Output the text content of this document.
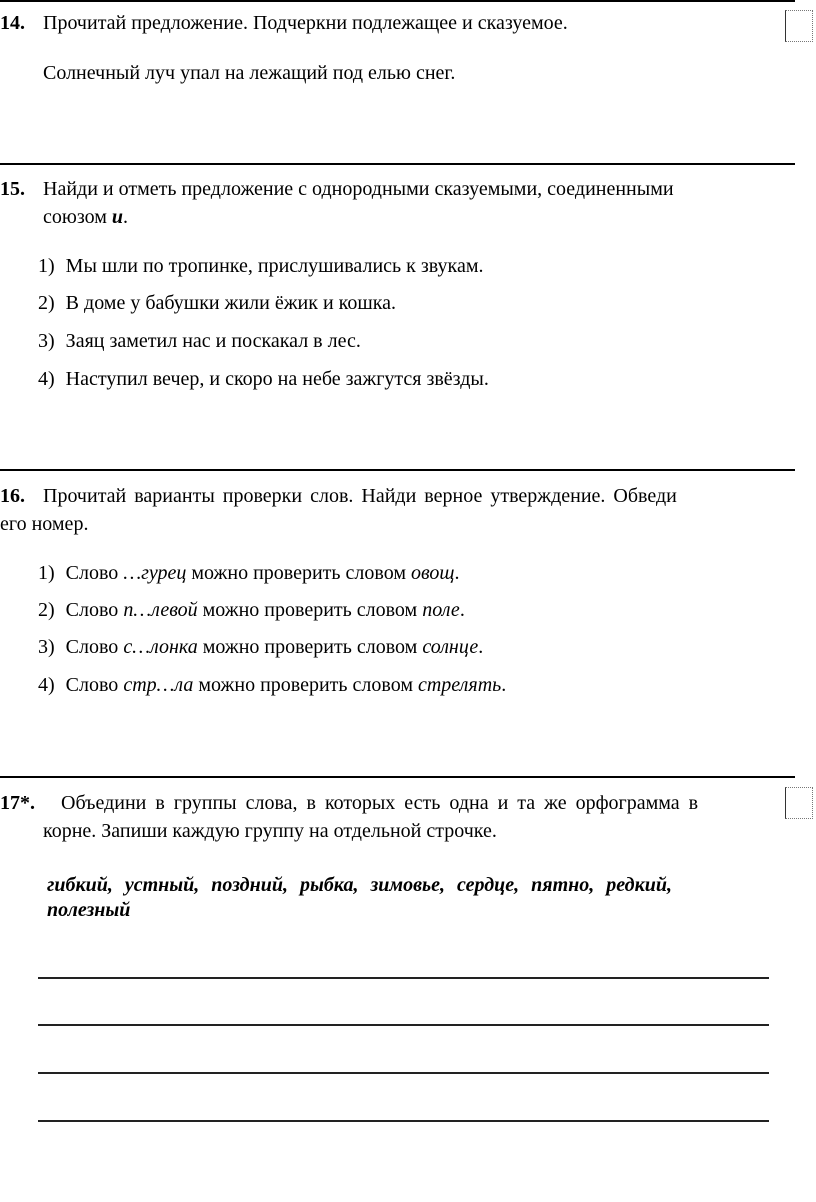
14. Прочитай предложение. Подчеркни подлежащее и сказуемое.
Солнечный луч упал на лежащий под елью снег.
15. Найди и отметь предложение с однородными сказуемыми, соединенными
союзом и.
1) Мы шли по тропинке, прислушивались к звукам.
2) В доме у бабушки жили ёжик и кошка.
3) Заяц заметил нас и поскакал в лес.
4) Наступил вечер, и скоро на небе зажгутся звёзды.
16. Прочитай варианты проверки слов. Найди верное утверждение. Обведи
его номер.
1) Слово …гурец можно проверить словом овощ.
2) Слово п…левой можно проверить словом поле.
3) Слово с…лонка можно проверить словом солнце.
4) Слово стр…ла можно проверить словом стрелять.
17*. Объедини в группы слова, в которых есть одна и та же орфограмма в
корне. Запиши каждую группу на отдельной строчке.
гибкий, устный, поздний, рыбка, зимовье, сердце, пятно, редкий,
полезный
